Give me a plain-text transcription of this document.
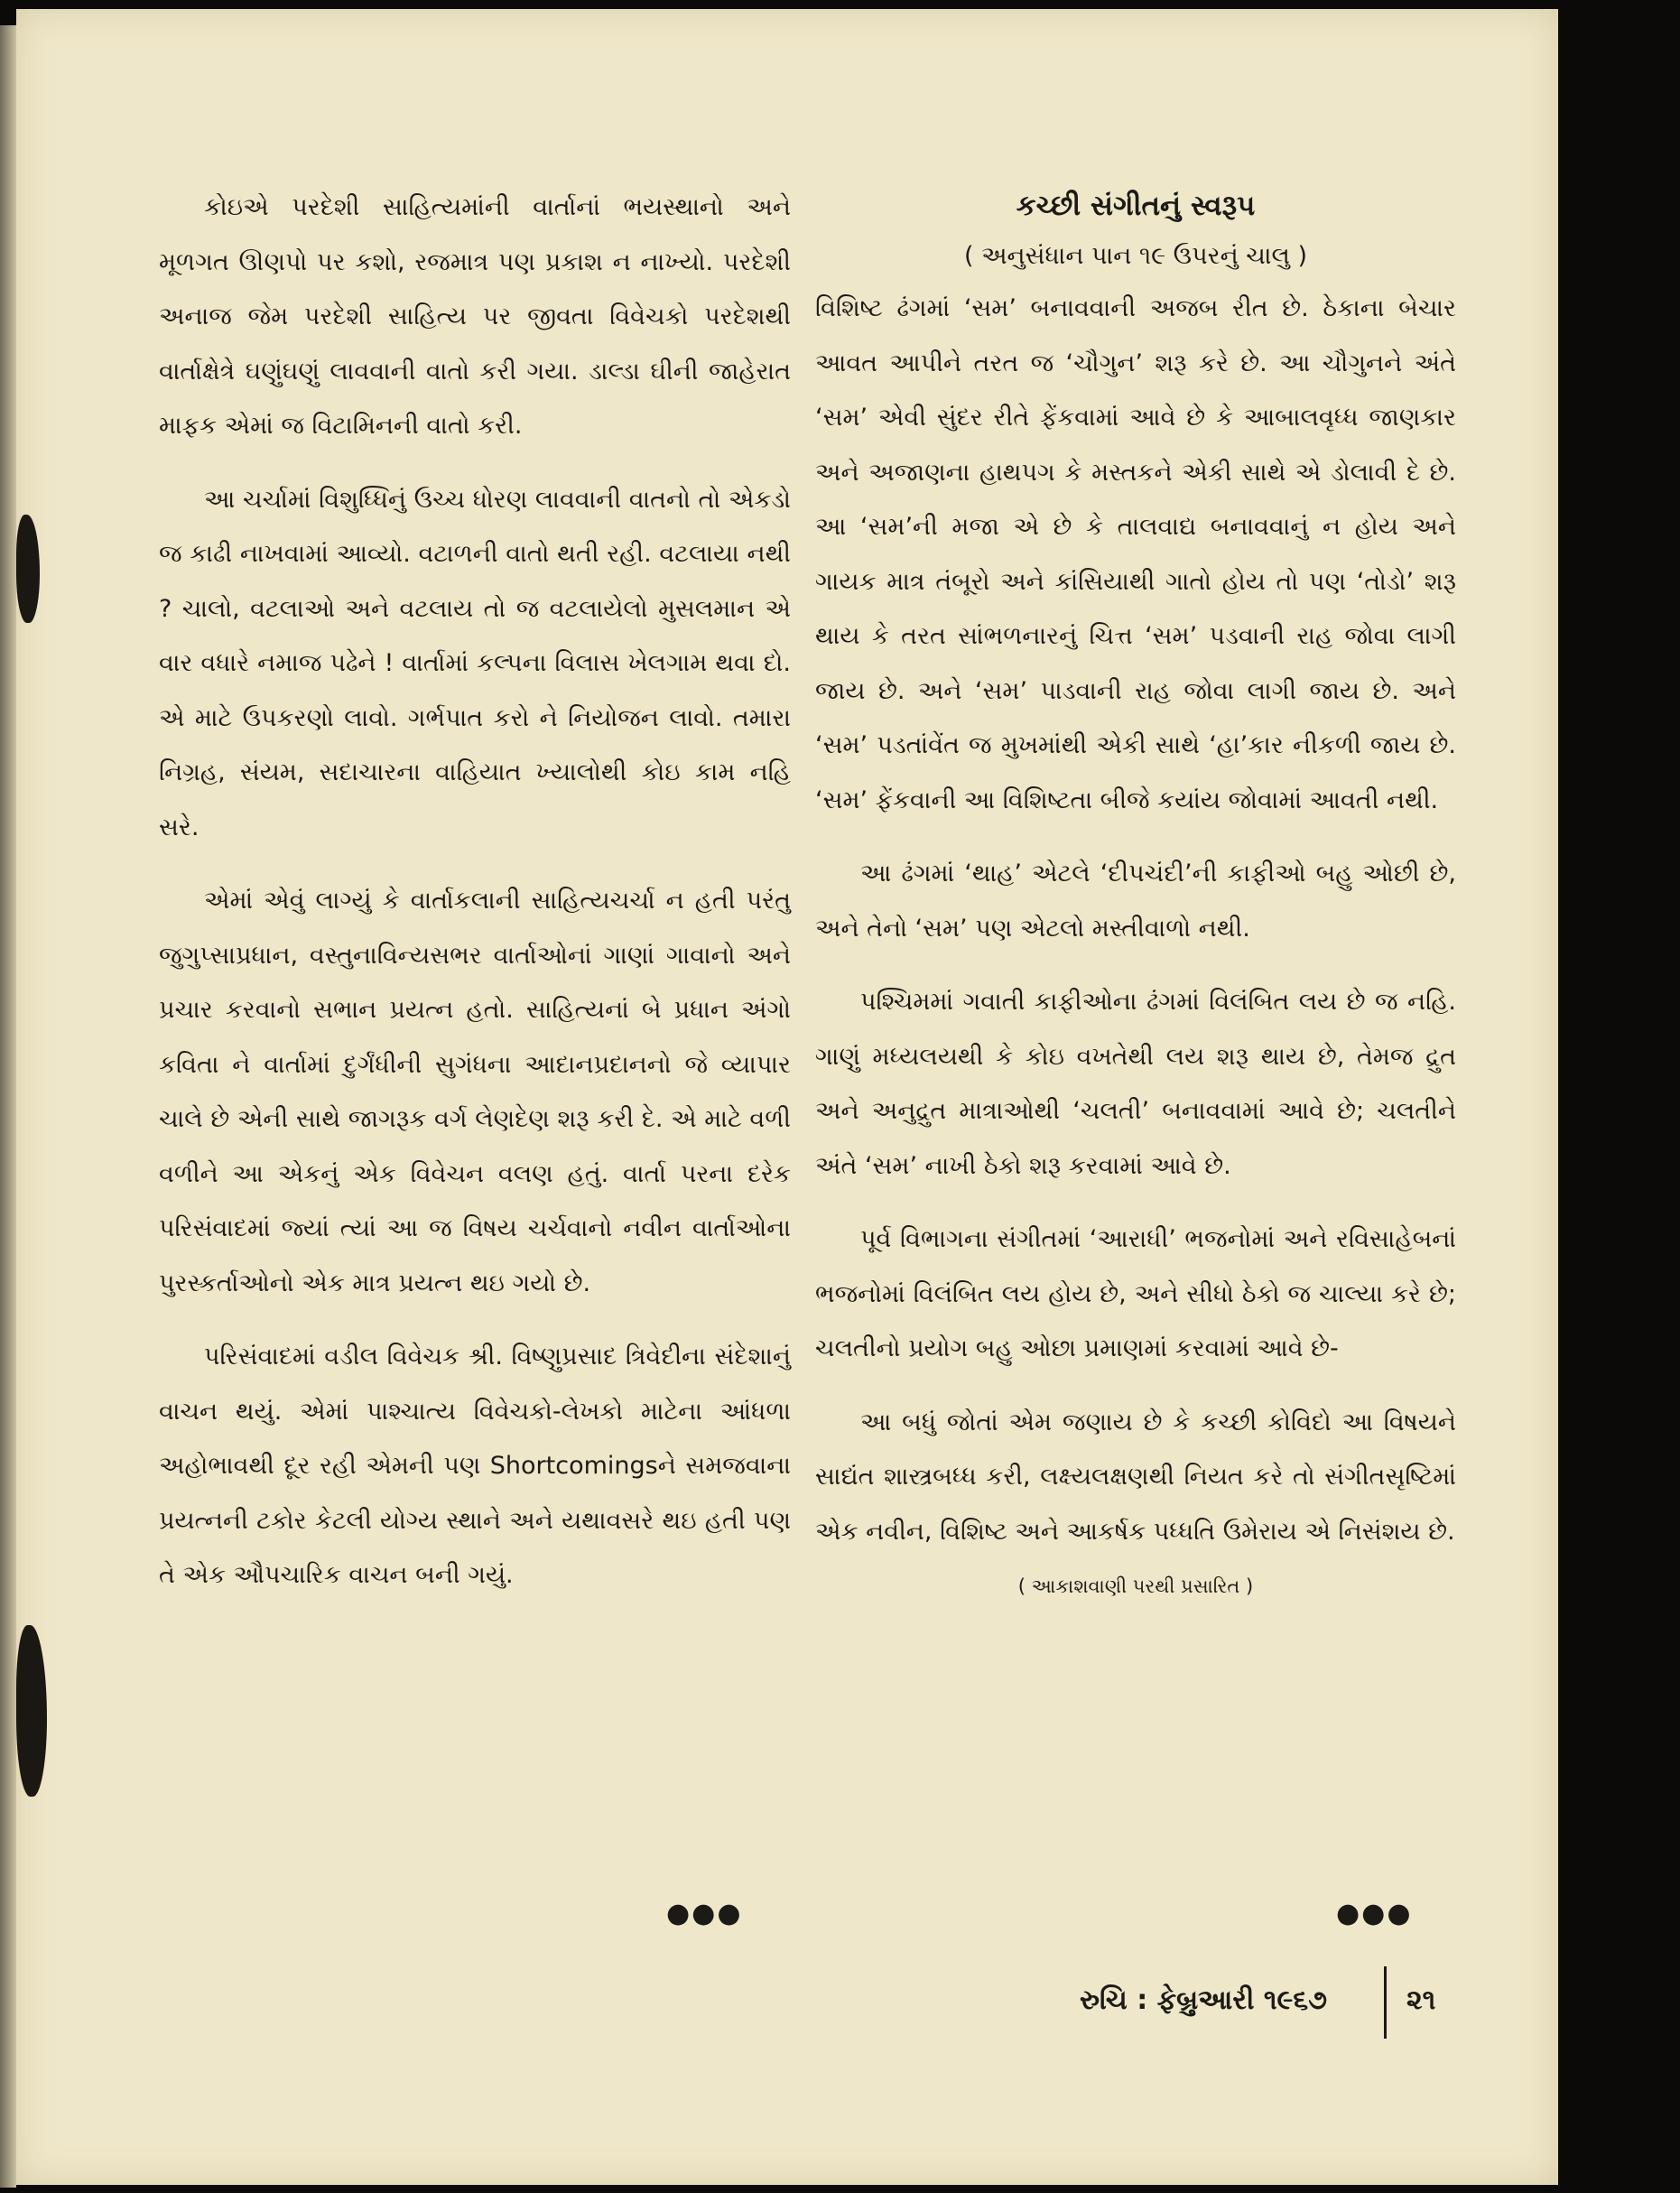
કોઇએ પરદેશી સાહિત્યમાંની વાર્તાનાં ભયસ્થાનો અને મૂળગત ઊણપો પર કશો, રજમાત્ર પણ પ્રકાશ ન નાખ્યો. પરદેશી અનાજ જેમ પરદેશી સાહિત્ય પર જીવતા વિવેચકો પરદેશથી વાર્તાક્ષેત્રે ઘણુંઘણું લાવવાની વાતો કરી ગયા. ડાલ્ડા ઘીની જાહેરાત માફક એમાં જ વિટામિનની વાતો કરી.

આ ચર્ચામાં વિશુધ્ધિનું ઉચ્ચ ધોરણ લાવવાની વાતનો તો એકડો જ કાઢી નાખવામાં આવ્યો. વટાળની વાતો થતી રહી. વટલાયા નથી ? ચાલો, વટલાઓ અને વટલાય તો જ વટલાયેલો મુસલમાન એ વાર વધારે નમાજ પઢેને ! વાર્તામાં કલ્પના વિલાસ ખેલગામ થવા દો. એ માટે ઉપકરણો લાવો. ગર્ભપાત કરો ને નિયોજન લાવો. તમારા નિગ્રહ, સંયમ, સદાચારના વાહિયાત ખ્યાલોથી કોઇ કામ નહિ સરે.

એમાં એવું લાગ્યું કે વાર્તાકલાની સાહિત્યચર્ચા ન હતી પરંતુ જુગુપ્સાપ્રધાન, વસ્તુનાવિન્યસભર વાર્તાઓનાં ગાણાં ગાવાનો અને પ્રચાર કરવાનો સભાન પ્રયત્ન હતો. સાહિત્યનાં બે પ્રધાન અંગો કવિતા ને વાર્તામાં દુર્ગંધીની સુગંધના આદાનપ્રદાનનો જે વ્યાપાર ચાલે છે એની સાથે જાગરૂક વર્ગ લેણદેણ શરૂ કરી દે. એ માટે વળી વળીને આ એકનું એક વિવેચન વલણ હતું. વાર્તા પરના દરેક પરિસંવાદમાં જ્યાં ત્યાં આ જ વિષય ચર્ચવાનો નવીન વાર્તાઓના પુરસ્કર્તાઓનો એક માત્ર પ્રયત્ન થઇ ગયો છે.

પરિસંવાદમાં વડીલ વિવેચક શ્રી. વિષ્ણુપ્રસાદ ત્રિવેદીના સંદેશાનું વાચન થયું. એમાં પાશ્ચાત્ય વિવેચકો-લેખકો માટેના આંધળા અહોભાવથી દૂર રહી એમની પણ Shortcomingsને સમજવાના પ્રયત્નની ટકોર કેટલી યોગ્ય સ્થાને અને યથાવસરે થઇ હતી પણ તે એક ઔપચારિક વાચન બની ગયું.

કચ્છી સંગીતનું સ્વરૂપ

( અનુસંધાન પાન ૧૯ ઉપરનું ચાલુ )

વિશિષ્ટ ઢંગમાં ‘સમ’ બનાવવાની અજબ રીત છે. ઠેકાના બેચાર આવત આપીને તરત જ ‘ચૌગુન’ શરૂ કરે છે. આ ચૌગુનને અંતે ‘સમ’ એવી સુંદર રીતે ફેંકવામાં આવે છે કે આબાલવૃધ્ધ જાણકાર અને અજાણના હાથપગ કે મસ્તકને એકી સાથે એ ડોલાવી દે છે. આ ‘સમ’ની મજા એ છે કે તાલવાદ્ય બનાવવાનું ન હોય અને ગાયક માત્ર તંબૂરો અને કાંસિયાથી ગાતો હોય તો પણ ‘તોડો’ શરૂ થાય કે તરત સાંભળનારનું ચિત્ત ‘સમ’ પડવાની રાહ જોવા લાગી જાય છે. અને ‘સમ’ પાડવાની રાહ જોવા લાગી જાય છે. અને ‘સમ’ પડતાંવેંત જ મુખમાંથી એકી સાથે ‘હા’કાર નીકળી જાય છે. ‘સમ’ ફેંકવાની આ વિશિષ્ટતા બીજે કયાંય જોવામાં આવતી નથી.

આ ઢંગમાં ‘થાહ’ એટલે ‘દીપચંદી’ની કાફીઓ બહુ ઓછી છે, અને તેનો ‘સમ’ પણ એટલો મસ્તીવાળો નથી.

પશ્ચિમમાં ગવાતી કાફીઓના ઢંગમાં વિલંબિત લય છે જ નહિ. ગાણું મધ્યલયથી કે કોઇ વખતેથી લય શરૂ થાય છે, તેમજ દ્રુત અને અનુદ્રુત માત્રાઓથી ‘ચલતી’ બનાવવામાં આવે છે; ચલતીને અંતે ‘સમ’ નાખી ઠેકો શરૂ કરવામાં આવે છે.

પૂર્વ વિભાગના સંગીતમાં ‘આરાધી’ ભજનોમાં અને રવિસાહેબનાં ભજનોમાં વિલંબિત લય હોય છે, અને સીધો ઠેકો જ ચાલ્યા કરે છે; ચલતીનો પ્રયોગ બહુ ઓછા પ્રમાણમાં કરવામાં આવે છે-

આ બધું જોતાં એમ જણાય છે કે કચ્છી કોવિદો આ વિષયને સાદ્યંત શાસ્ત્રબધ્ધ કરી, લક્ષ્યલક્ષણથી નિયત કરે તો સંગીતસૃષ્ટિમાં એક નવીન, વિશિષ્ટ અને આકર્ષક પધ્ધતિ ઉમેરાય એ નિસંશય છે.

( આકાશવાણી પરથી પ્રસારિત )

●●●	●●●
રુચિ : ફેબ્રુઆરી ૧૯૬૭	૨૧
